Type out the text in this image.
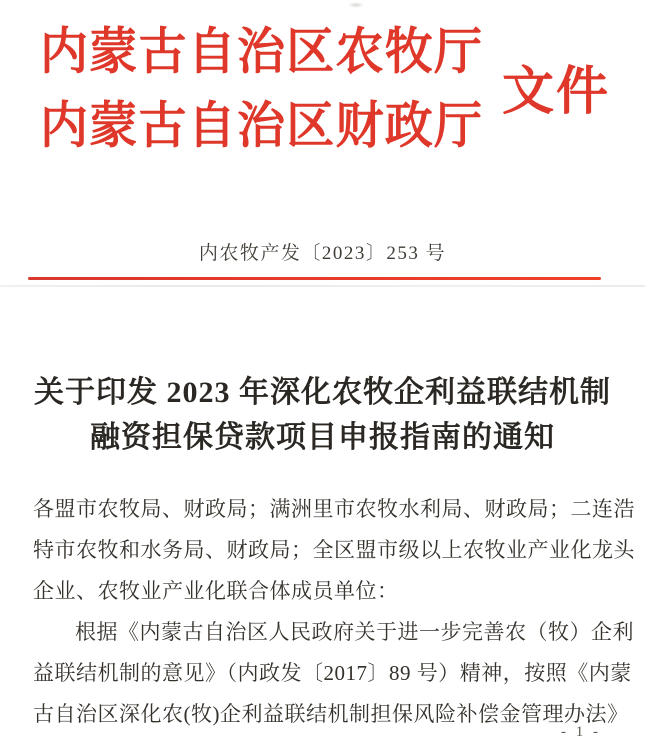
内蒙古自治区农牧厅
内蒙古自治区财政厅
文件
内农牧产发〔2023〕253 号
关于印发 2023 年深化农牧企利益联结机制
融资担保贷款项目申报指南的通知
各盟市农牧局、财政局；满洲里市农牧水利局、财政局；二连浩
特市农牧和水务局、财政局；全区盟市级以上农牧业产业化龙头
企业、农牧业产业化联合体成员单位：
根据《内蒙古自治区人民政府关于进一步完善农（牧）企利
益联结机制的意见》（内政发〔2017〕89 号）精神，按照《内蒙
古自治区深化农(牧)企利益联结机制担保风险补偿金管理办法》
- 1 -
